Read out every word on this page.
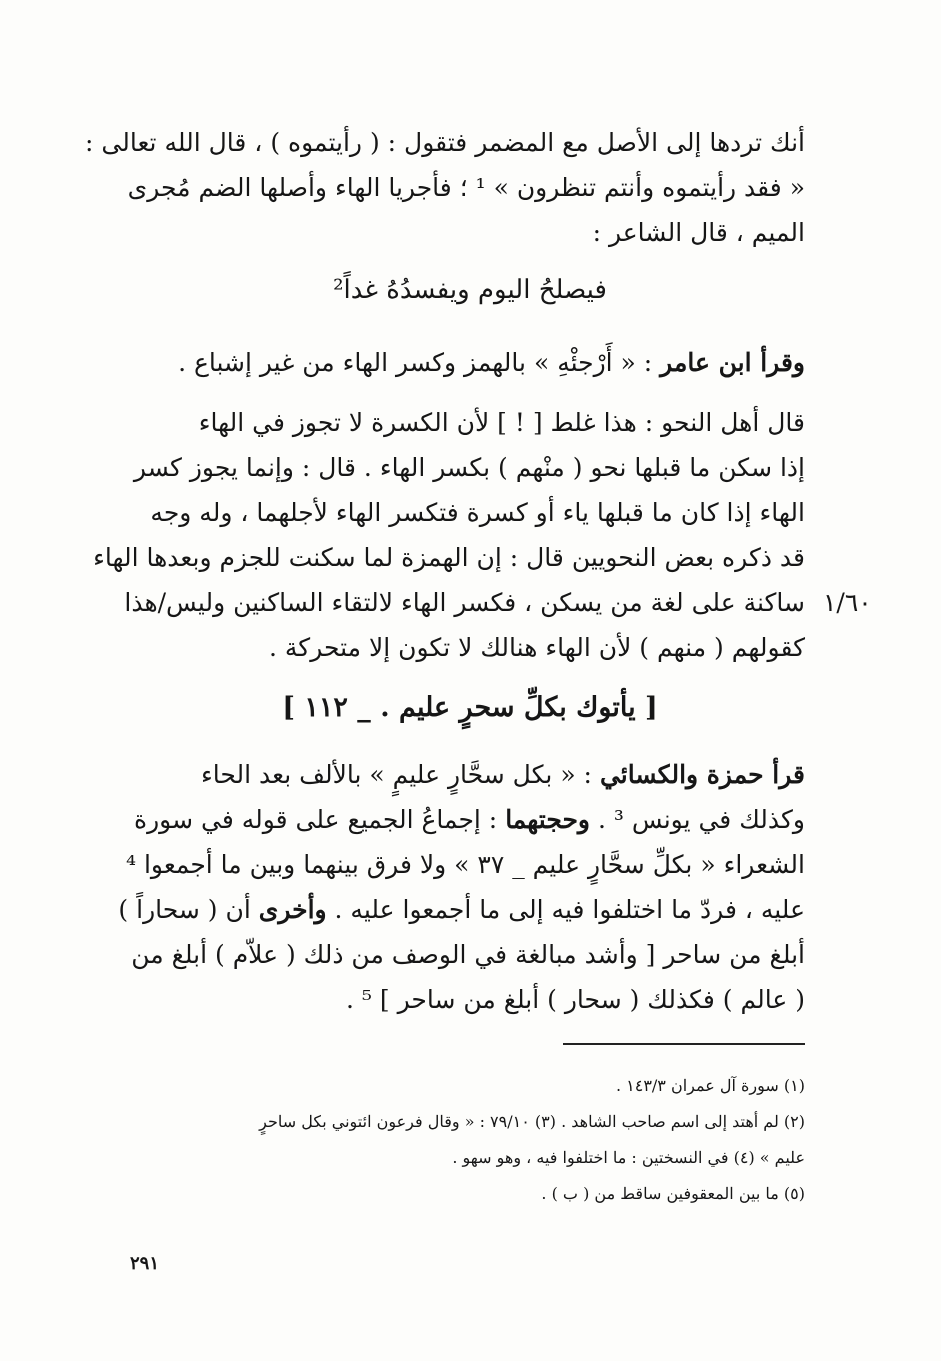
أنك تردها إلى الأصل مع المضمر فتقول : ( رأيتموه ) ، قال الله تعالى :
« فقد رأيتموه وأنتم تنظرون » ¹ ؛ فأجريا الهاء وأصلها الضم مُجرى
الميم ، قال الشاعر :
فيصلحُ اليوم ويفسدُهُ غداً²
وقرأ ابن عامر : « أَرْجئْهِ » بالهمز وكسر الهاء من غير إشباع .
قال أهل النحو : هذا غلط [ ! ] لأن الكسرة لا تجوز في الهاء
إذا سكن ما قبلها نحو ( منْهم ) بكسر الهاء . قال : وإنما يجوز كسر
الهاء إذا كان ما قبلها ياء أو كسرة فتكسر الهاء لأجلهما ، وله وجه
قد ذكره بعض النحويين قال : إن الهمزة لما سكنت للجزم وبعدها الهاء
ساكنة على لغة من يسكن ، فكسر الهاء لالتقاء الساكنين وليس/هذا
كقولهم ( منهم ) لأن الهاء هنالك لا تكون إلا متحركة .
١/٦٠
[ يأتوك بكلِّ سحرٍ عليم . _ ١١٢ ]
قرأ حمزة والكسائي : « بكل سحَّارٍ عليمٍ » بالألف بعد الحاء
وكذلك في يونس ³ . وحجتهما : إجماعُ الجميع على قوله في سورة
الشعراء « بكلِّ سحَّارٍ عليم _ ٣٧ » ولا فرق بينهما وبين ما أجمعوا ⁴
عليه ، فردّ ما اختلفوا فيه إلى ما أجمعوا عليه . وأخرى أن ( سحاراً )
أبلغ من ساحر [ وأشد مبالغة في الوصف من ذلك ( علاّم ) أبلغ من
( عالم ) فكذلك ( سحار ) أبلغ من ساحر ] ⁵ .
(١) سورة آل عمران ١٤٣/٣ .
(٢) لم أهتد إلى اسم صاحب الشاهد . (٣) ٧٩/١٠ : « وقال فرعون ائتوني بكل ساحرٍ
عليم » (٤) في النسختين : ما اختلفوا فيه ، وهو سهو .
(٥) ما بين المعقوفين ساقط من ( ب ) .
٢٩١
